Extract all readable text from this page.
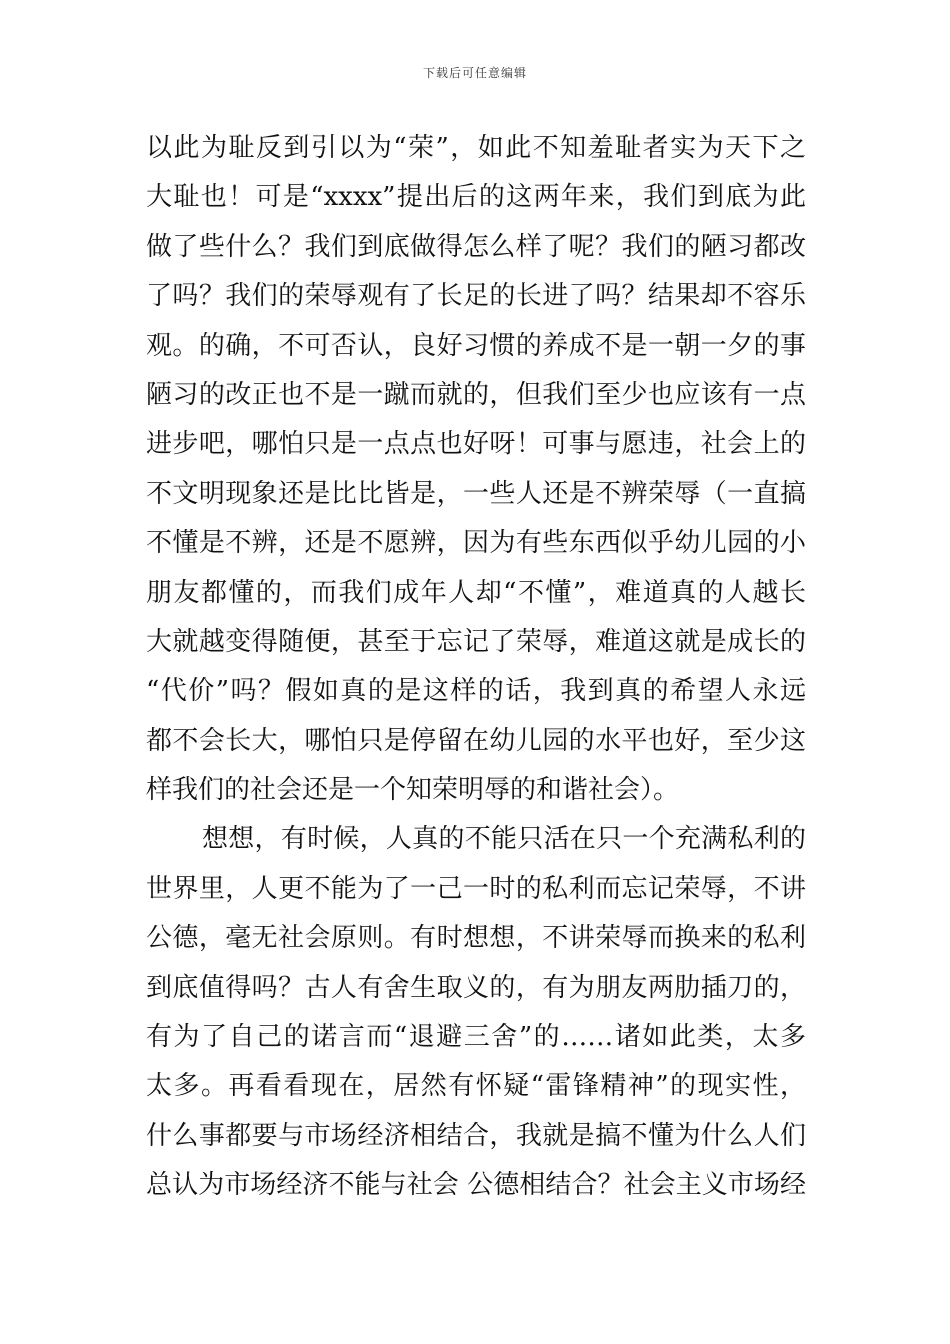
下载后可任意编辑
以此为耻反到引以为“荣”，如此不知羞耻者实为天下之
大耻也！可是“xxxx”提出后的这两年来，我们到底为此
做了些什么？我们到底做得怎么样了呢？我们的陋习都改
了吗？我们的荣辱观有了长足的长进了吗？结果却不容乐
观。的确，不可否认，良好习惯的养成不是一朝一夕的事
陋习的改正也不是一蹴而就的，但我们至少也应该有一点
进步吧，哪怕只是一点点也好呀！可事与愿违，社会上的
不文明现象还是比比皆是，一些人还是不辨荣辱（一直搞
不懂是不辨，还是不愿辨，因为有些东西似乎幼儿园的小
朋友都懂的，而我们成年人却“不懂”，难道真的人越长
大就越变得随便，甚至于忘记了荣辱，难道这就是成长的
“代价”吗？假如真的是这样的话，我到真的希望人永远
都不会长大，哪怕只是停留在幼儿园的水平也好，至少这
样我们的社会还是一个知荣明辱的和谐社会）。
想想，有时候，人真的不能只活在只一个充满私利的
世界里，人更不能为了一己一时的私利而忘记荣辱，不讲
公德，毫无社会原则。有时想想，不讲荣辱而换来的私利
到底值得吗？古人有舍生取义的，有为朋友两肋插刀的，
有为了自己的诺言而“退避三舍”的……诸如此类，太多
太多。再看看现在，居然有怀疑“雷锋精神”的现实性，
什么事都要与市场经济相结合，我就是搞不懂为什么人们
总认为市场经济不能与社会 公德相结合？社会主义市场经
